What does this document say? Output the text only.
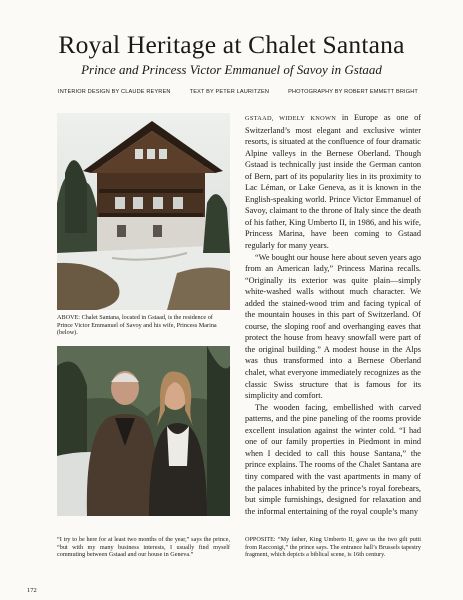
Royal Heritage at Chalet Santana
Prince and Princess Victor Emmanuel of Savoy in Gstaad
INTERIOR DESIGN BY CLAUDE REYREN	TEXT BY PETER LAURITZEN	PHOTOGRAPHY BY ROBERT EMMETT BRIGHT

ABOVE: Chalet Santana, located in Gstaad, is the residence of Prince Victor Emmanuel of Savoy and his wife, Princess Marina (below).

“I try to be here for at least two months of the year,” says the prince, “but with my many business interests, I usually find myself commuting between Gstaad and our house in Geneva.”

GSTAAD, WIDELY KNOWN in Europe as one of Switzerland’s most elegant and exclusive winter resorts, is situated at the confluence of four dramatic Alpine valleys in the Bernese Oberland. Though Gstaad is technically just inside the German canton of Bern, part of its popularity lies in its proximity to Lac Léman, or Lake Geneva, as it is known in the English-speaking world. Prince Victor Emmanuel of Savoy, claimant to the throne of Italy since the death of his father, King Umberto II, in 1986, and his wife, Princess Marina, have been coming to Gstaad regularly for many years.

“We bought our house here about seven years ago from an American lady,” Princess Marina recalls. “Originally its exterior was quite plain—simply white-washed walls without much character. We added the stained-wood trim and facing typical of the mountain houses in this part of Switzerland. Of course, the sloping roof and overhanging eaves that protect the house from heavy snowfall were part of the original building.” A modest house in the Alps was thus transformed into a Bernese Oberland chalet, what everyone immediately recognizes as the classic Swiss structure that is famous for its simplicity and comfort.

The wooden facing, embellished with carved patterns, and the pine paneling of the rooms provide excellent insulation against the winter cold. “I had one of our family properties in Piedmont in mind when I decided to call this house Santana,” the prince explains. The rooms of the Chalet Santana are tiny compared with the vast apartments in many of the palaces inhabited by the prince’s royal forebears, but simple furnishings, designed for relaxation and the informal entertaining of the royal couple’s many

OPPOSITE: “My father, King Umberto II, gave us the two gilt putti from Racconigi,” the prince says. The entrance hall’s Brussels tapestry fragment, which depicts a biblical scene, is 16th century.

172
